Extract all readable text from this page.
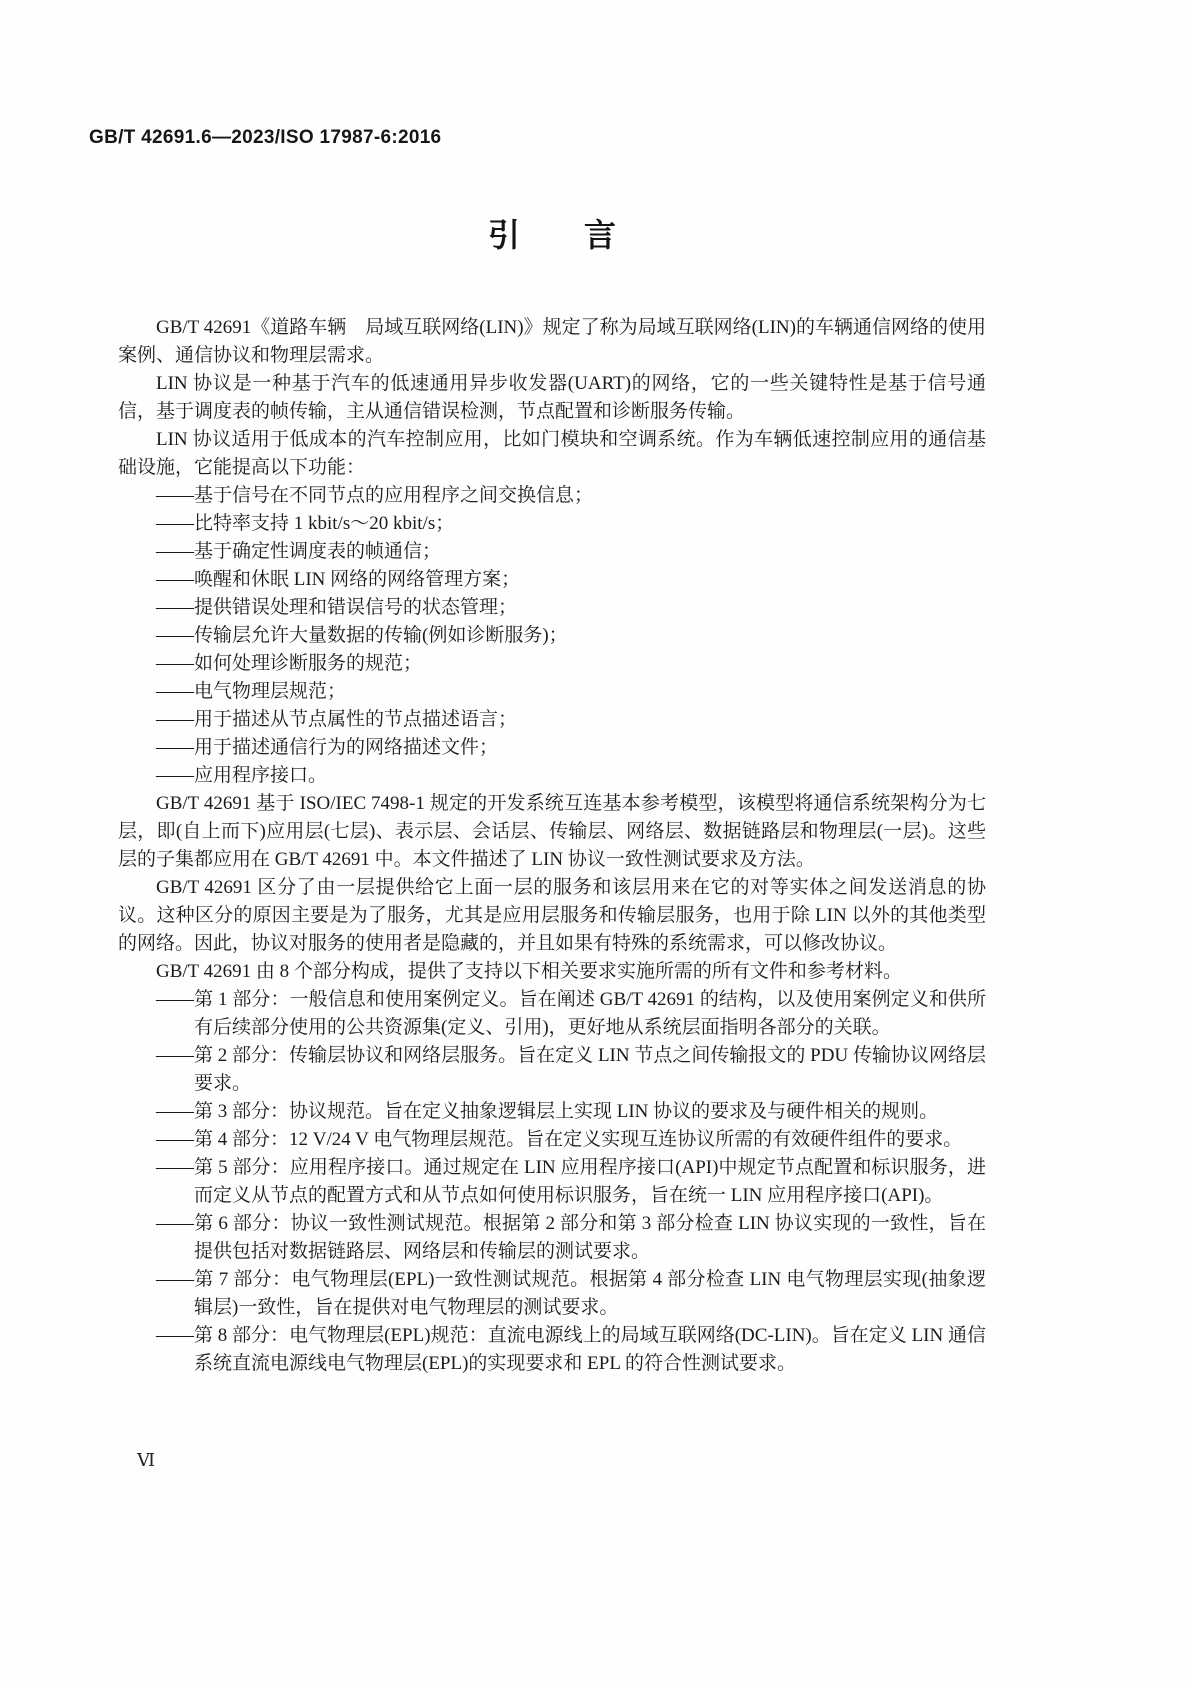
GB/T 42691.6—2023/ISO 17987-6:2016
引　　言

GB/T 42691《道路车辆　局域互联网络(LIN)》规定了称为局域互联网络(LIN)的车辆通信网络的使用案例、通信协议和物理层需求。

LIN 协议是一种基于汽车的低速通用异步收发器(UART)的网络，它的一些关键特性是基于信号通信，基于调度表的帧传输，主从通信错误检测，节点配置和诊断服务传输。

LIN 协议适用于低成本的汽车控制应用，比如门模块和空调系统。作为车辆低速控制应用的通信基础设施，它能提高以下功能：

——基于信号在不同节点的应用程序之间交换信息；

——比特率支持 1 kbit/s～20 kbit/s；

——基于确定性调度表的帧通信；

——唤醒和休眠 LIN 网络的网络管理方案；

——提供错误处理和错误信号的状态管理；

——传输层允许大量数据的传输(例如诊断服务)；

——如何处理诊断服务的规范；

——电气物理层规范；

——用于描述从节点属性的节点描述语言；

——用于描述通信行为的网络描述文件；

——应用程序接口。

GB/T 42691 基于 ISO/IEC 7498-1 规定的开发系统互连基本参考模型，该模型将通信系统架构分为七层，即(自上而下)应用层(七层)、表示层、会话层、传输层、网络层、数据链路层和物理层(一层)。这些层的子集都应用在 GB/T 42691 中。本文件描述了 LIN 协议一致性测试要求及方法。

GB/T 42691 区分了由一层提供给它上面一层的服务和该层用来在它的对等实体之间发送消息的协议。这种区分的原因主要是为了服务，尤其是应用层服务和传输层服务，也用于除 LIN 以外的其他类型的网络。因此，协议对服务的使用者是隐藏的，并且如果有特殊的系统需求，可以修改协议。

GB/T 42691 由 8 个部分构成，提供了支持以下相关要求实施所需的所有文件和参考材料。

——第 1 部分：一般信息和使用案例定义。旨在阐述 GB/T 42691 的结构，以及使用案例定义和供所有后续部分使用的公共资源集(定义、引用)，更好地从系统层面指明各部分的关联。

——第 2 部分：传输层协议和网络层服务。旨在定义 LIN 节点之间传输报文的 PDU 传输协议网络层要求。

——第 3 部分：协议规范。旨在定义抽象逻辑层上实现 LIN 协议的要求及与硬件相关的规则。

——第 4 部分：12 V/24 V 电气物理层规范。旨在定义实现互连协议所需的有效硬件组件的要求。

——第 5 部分：应用程序接口。通过规定在 LIN 应用程序接口(API)中规定节点配置和标识服务，进而定义从节点的配置方式和从节点如何使用标识服务，旨在统一 LIN 应用程序接口(API)。

——第 6 部分：协议一致性测试规范。根据第 2 部分和第 3 部分检查 LIN 协议实现的一致性，旨在提供包括对数据链路层、网络层和传输层的测试要求。

——第 7 部分：电气物理层(EPL)一致性测试规范。根据第 4 部分检查 LIN 电气物理层实现(抽象逻辑层)一致性，旨在提供对电气物理层的测试要求。

——第 8 部分：电气物理层(EPL)规范：直流电源线上的局域互联网络(DC-LIN)。旨在定义 LIN 通信系统直流电源线电气物理层(EPL)的实现要求和 EPL 的符合性测试要求。

Ⅵ
